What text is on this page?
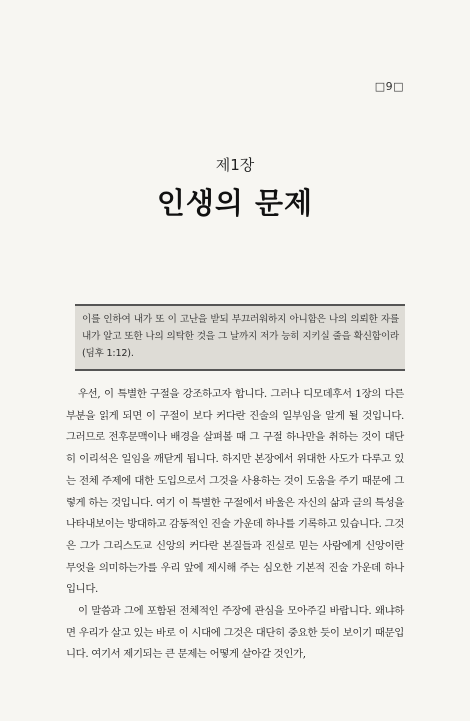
□9□
제1장
인생의 문제

이를 인하여 내가 또 이 고난을 받되 부끄러워하지 아니함은 나의 의뢰한 자를 내가 알고 또한 나의 의탁한 것을 그 날까지 저가 능히 지키실 줄을 확신함이라(딤후 1:12).

우선, 이 특별한 구절을 강조하고자 합니다. 그러나 디모데후서 1장의 다른 부분을 읽게 되면 이 구절이 보다 커다란 진술의 일부임을 알게 될 것입니다. 그러므로 전후문맥이나 배경을 살펴볼 때 그 구절 하나만을 취하는 것이 대단히 이리석은 일임을 깨닫게 됩니다. 하지만 본장에서 위대한 사도가 다루고 있는 전체 주제에 대한 도입으로서 그것을 사용하는 것이 도움을 주기 때문에 그렇게 하는 것입니다. 여기 이 특별한 구절에서 바울은 자신의 삶과 글의 특성을 나타내보이는 방대하고 감동적인 진술 가운데 하나를 기록하고 있습니다. 그것은 그가 그리스도교 신앙의 커다란 본질들과 진실로 믿는 사람에게 신앙이란 무엇을 의미하는가를 우리 앞에 제시해 주는 심오한 기본적 진술 가운데 하나입니다.

이 말씀과 그에 포함된 전체적인 주장에 관심을 모아주길 바랍니다. 왜냐하면 우리가 살고 있는 바로 이 시대에 그것은 대단히 중요한 듯이 보이기 때문입니다. 여기서 제기되는 큰 문제는 어떻게 살아갈 것인가,
